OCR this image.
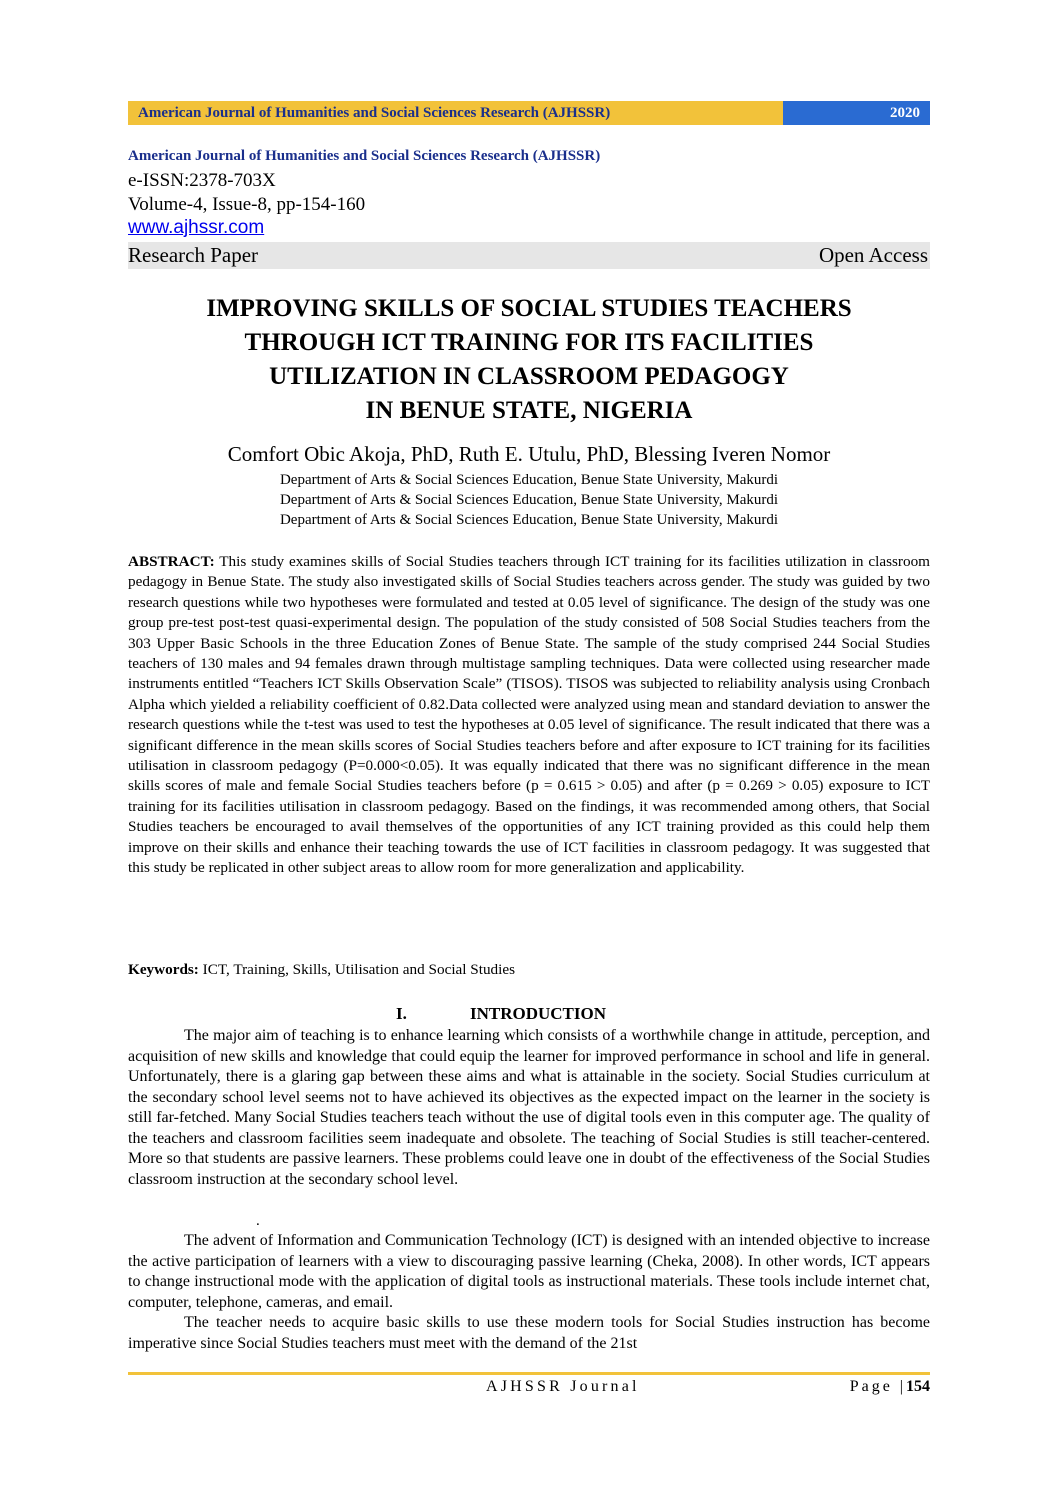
American Journal of Humanities and Social Sciences Research (AJHSSR)	2020
American Journal of Humanities and Social Sciences Research (AJHSSR)
e-ISSN:2378-703X
Volume-4, Issue-8, pp-154-160
www.ajhssr.com
Research Paper	Open Access
IMPROVING SKILLS OF SOCIAL STUDIES TEACHERS
THROUGH ICT TRAINING FOR ITS FACILITIES
UTILIZATION IN CLASSROOM PEDAGOGY
IN BENUE STATE, NIGERIA
Comfort Obic Akoja, PhD, Ruth E. Utulu, PhD, Blessing Iveren Nomor
Department of Arts & Social Sciences Education, Benue State University, Makurdi
Department of Arts & Social Sciences Education, Benue State University, Makurdi
Department of Arts & Social Sciences Education, Benue State University, Makurdi

ABSTRACT: This study examines skills of Social Studies teachers through ICT training for its facilities utilization in classroom pedagogy in Benue State. The study also investigated skills of Social Studies teachers across gender. The study was guided by two research questions while two hypotheses were formulated and tested at 0.05 level of significance. The design of the study was one group pre-test post-test quasi-experimental design. The population of the study consisted of 508 Social Studies teachers from the 303 Upper Basic Schools in the three Education Zones of Benue State. The sample of the study comprised 244 Social Studies teachers of 130 males and 94 females drawn through multistage sampling techniques. Data were collected using researcher made instruments entitled “Teachers ICT Skills Observation Scale” (TISOS). TISOS was subjected to reliability analysis using Cronbach Alpha which yielded a reliability coefficient of 0.82.Data collected were analyzed using mean and standard deviation to answer the research questions while the t-test was used to test the hypotheses at 0.05 level of significance. The result indicated that there was a significant difference in the mean skills scores of Social Studies teachers before and after exposure to ICT training for its facilities utilisation in classroom pedagogy (P=0.000<0.05). It was equally indicated that there was no significant difference in the mean skills scores of male and female Social Studies teachers before (p = 0.615 > 0.05) and after (p = 0.269 > 0.05) exposure to ICT training for its facilities utilisation in classroom pedagogy. Based on the findings, it was recommended among others, that Social Studies teachers be encouraged to avail themselves of the opportunities of any ICT training provided as this could help them improve on their skills and enhance their teaching towards the use of ICT facilities in classroom pedagogy. It was suggested that this study be replicated in other subject areas to allow room for more generalization and applicability.

Keywords: ICT, Training, Skills, Utilisation and Social Studies
I.	INTRODUCTION

The major aim of teaching is to enhance learning which consists of a worthwhile change in attitude, perception, and acquisition of new skills and knowledge that could equip the learner for improved performance in school and life in general. Unfortunately, there is a glaring gap between these aims and what is attainable in the society. Social Studies curriculum at the secondary school level seems not to have achieved its objectives as the expected impact on the learner in the society is still far-fetched. Many Social Studies teachers teach without the use of digital tools even in this computer age. The quality of the teachers and classroom facilities seem inadequate and obsolete. The teaching of Social Studies is still teacher-centered. More so that students are passive learners. These problems could leave one in doubt of the effectiveness of the Social Studies classroom instruction at the secondary school level.

.

The advent of Information and Communication Technology (ICT) is designed with an intended objective to increase the active participation of learners with a view to discouraging passive learning (Cheka, 2008). In other words, ICT appears to change instructional mode with the application of digital tools as instructional materials. These tools include internet chat, computer, telephone, cameras, and email.

The teacher needs to acquire basic skills to use these modern tools for Social Studies instruction has become imperative since Social Studies teachers must meet with the demand of the 21st

AJHSSR Journal	Page |154
